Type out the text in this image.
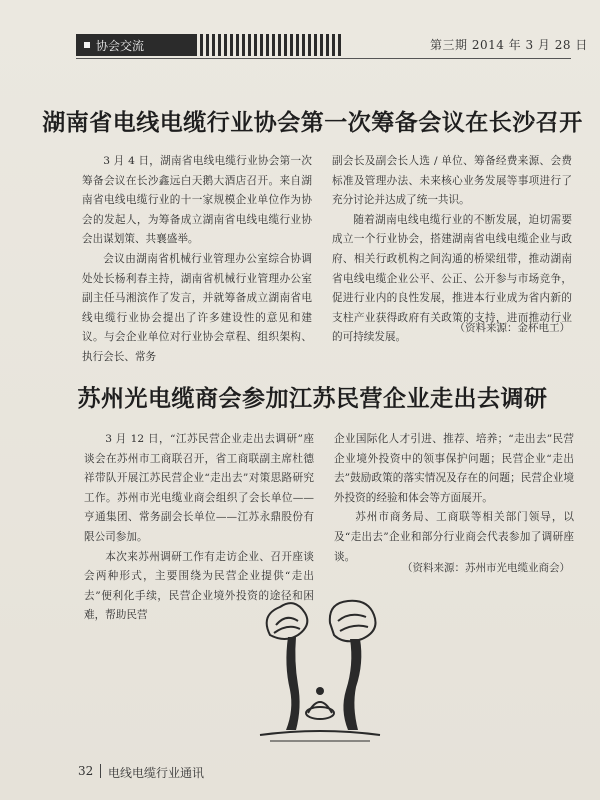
协会交流	第三期 2014 年 3 月 28 日
湖南省电线电缆行业协会第一次筹备会议在长沙召开

3 月 4 日，湖南省电线电缆行业协会第一次筹备会议在长沙鑫远白天鹅大酒店召开。来自湖南省电线电缆行业的十一家规模企业单位作为协会的发起人，为筹备成立湖南省电线电缆行业协会出谋划策、共襄盛举。

会议由湖南省机械行业管理办公室综合协调处处长杨利春主持，湖南省机械行业管理办公室副主任马湘滨作了发言，并就筹备成立湖南省电线电缆行业协会提出了许多建设性的意见和建议。与会企业单位对行业协会章程、组织架构、执行会长、常务

副会长及副会长人选 / 单位、筹备经费来源、会费标准及管理办法、未来核心业务发展等事项进行了充分讨论并达成了统一共识。

随着湖南电线电缆行业的不断发展，迫切需要成立一个行业协会，搭建湖南省电线电缆企业与政府、相关行政机构之间沟通的桥梁纽带，推动湖南省电线电缆企业公平、公正、公开参与市场竞争，促进行业内的良性发展，推进本行业成为省内新的支柱产业获得政府有关政策的支持，进而推动行业的可持续发展。

（资料来源：金杯电工）
苏州光电缆商会参加江苏民营企业走出去调研

3 月 12 日，“江苏民营企业走出去调研”座谈会在苏州市工商联召开，省工商联副主席杜德祥带队开展江苏民营企业“走出去”对策思路研究工作。苏州市光电缆业商会组织了会长单位——亨通集团、常务副会长单位——江苏永鼎股份有限公司参加。

本次来苏州调研工作有走访企业、召开座谈会两种形式，主要围绕为民营企业提供“走出去”便利化手续，民营企业境外投资的途径和困难，帮助民营

企业国际化人才引进、推荐、培养；“走出去”民营企业境外投资中的领事保护问题；民营企业“走出去”鼓励政策的落实情况及存在的问题；民营企业境外投资的经验和体会等方面展开。

苏州市商务局、工商联等相关部门领导，以及“走出去”企业和部分行业商会代表参加了调研座谈。

（资料来源：苏州市光电缆业商会）
32 电线电缆行业通讯
